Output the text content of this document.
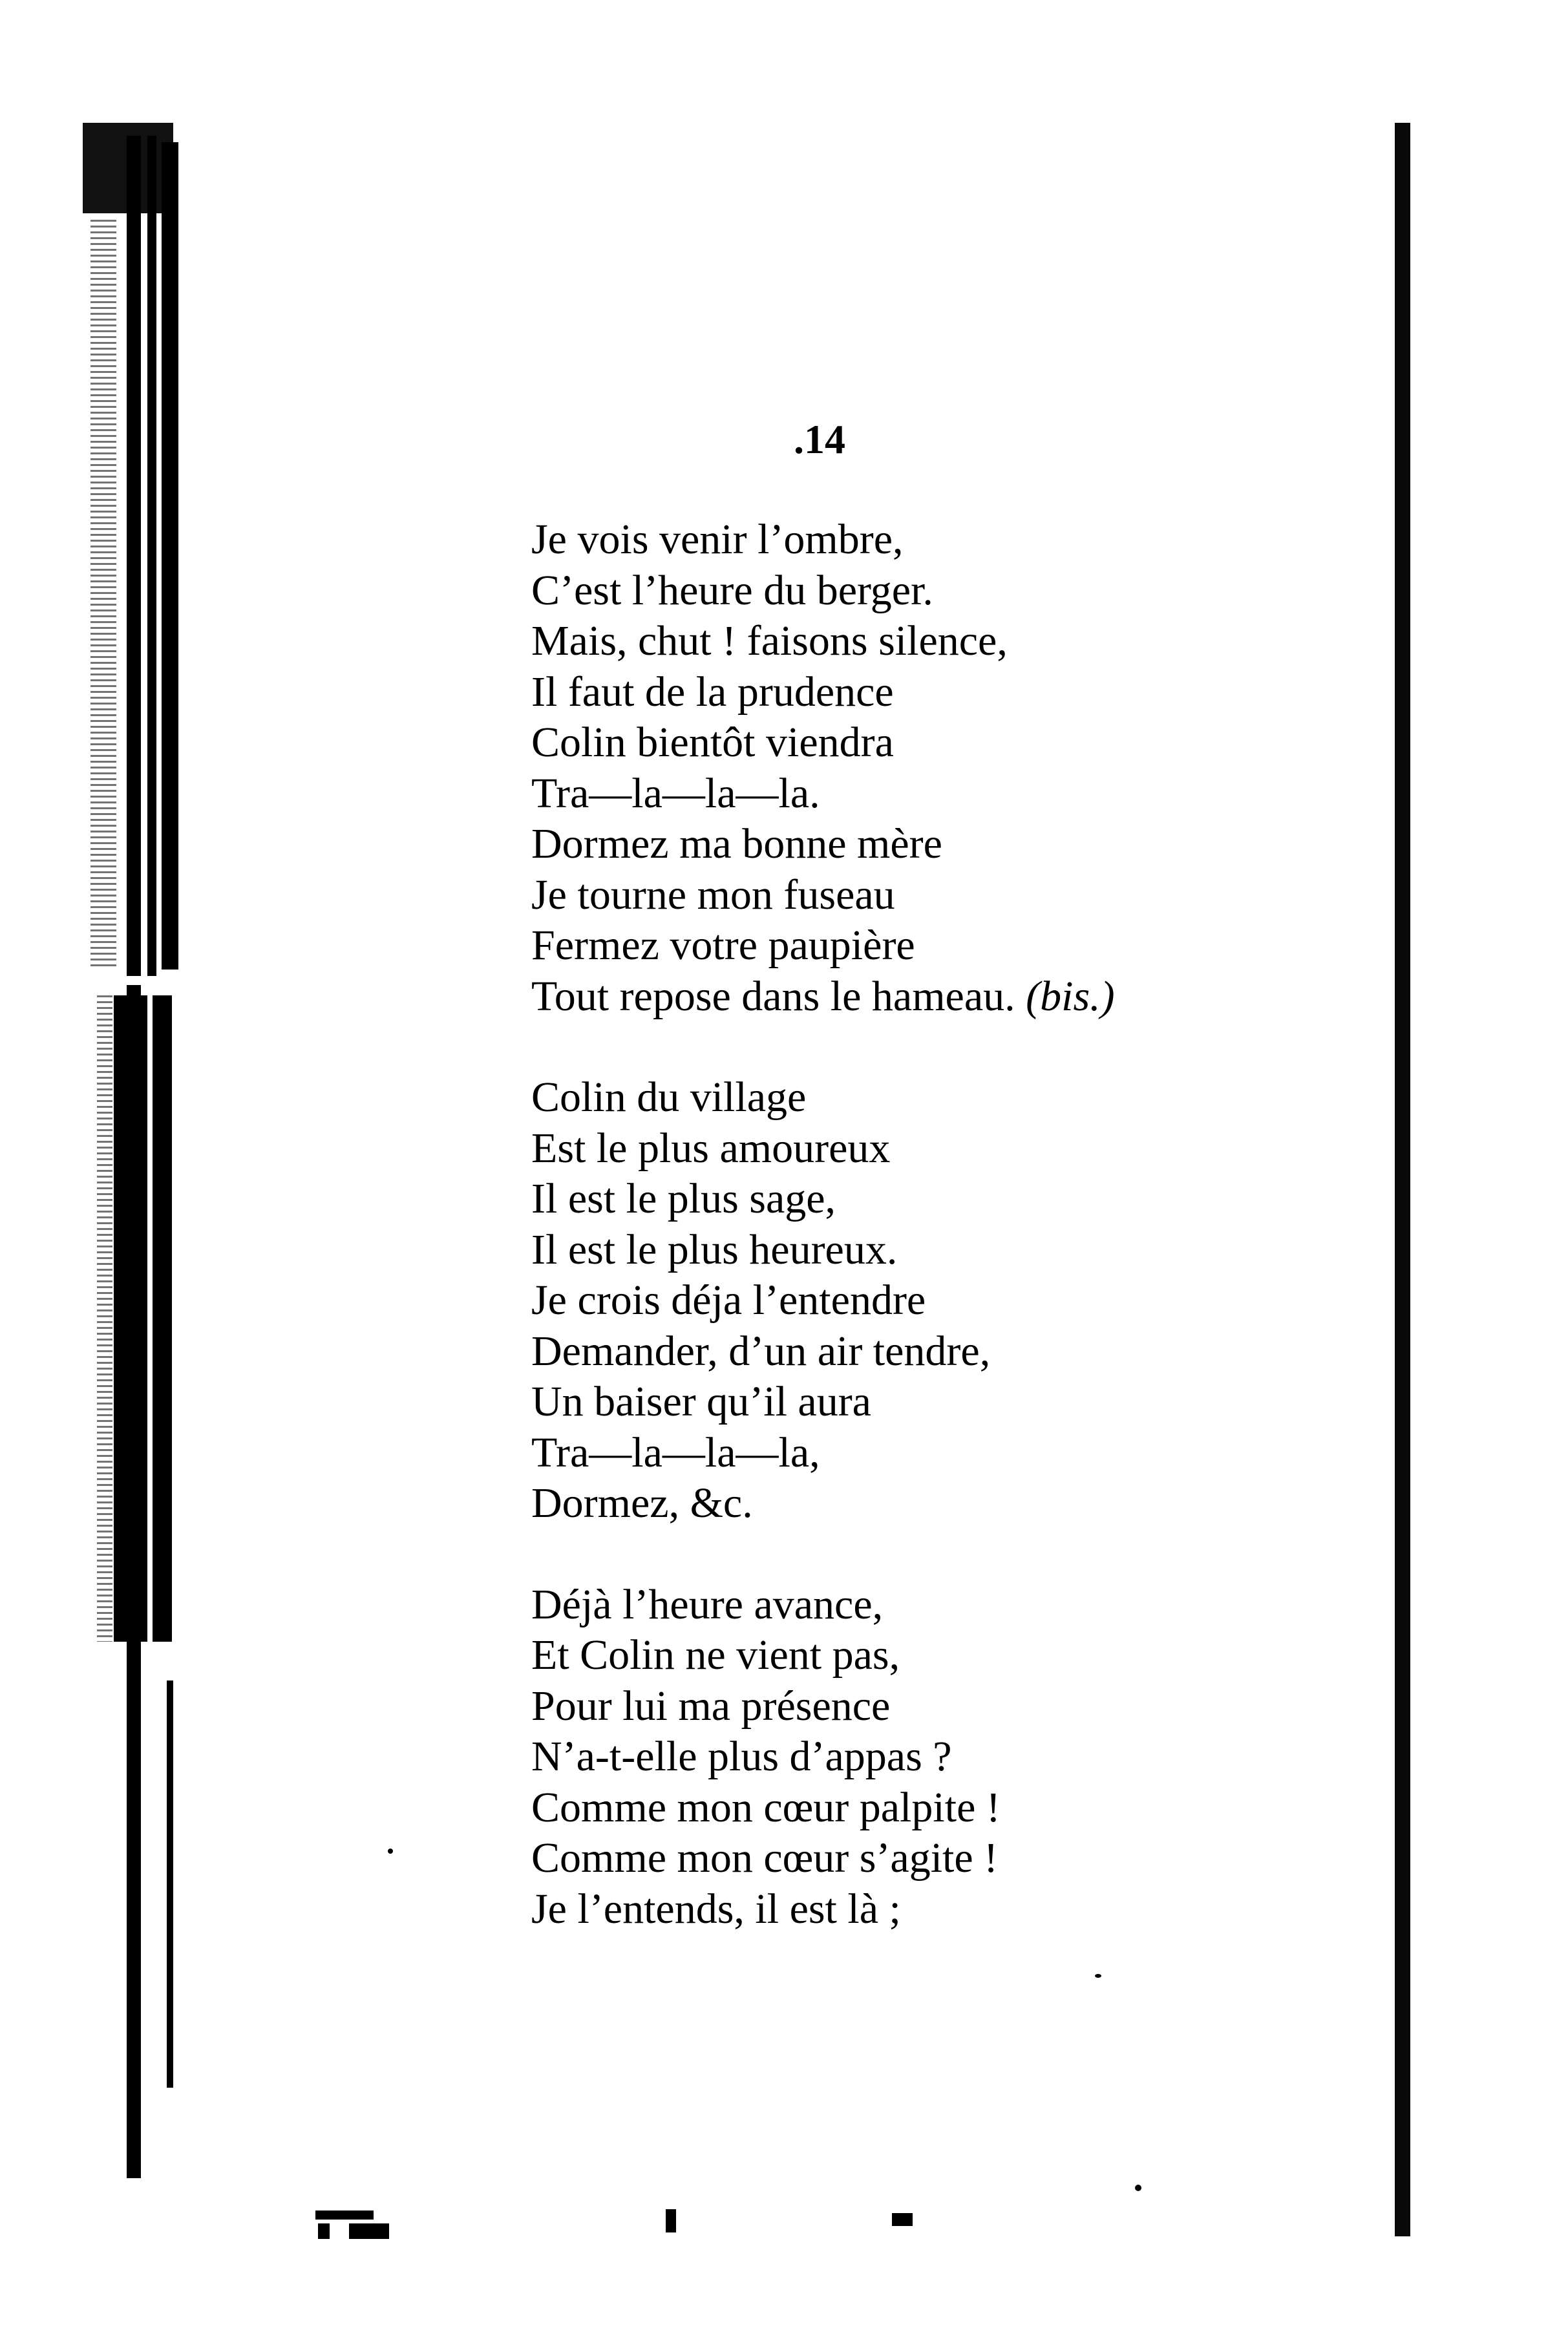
.14

Je vois venir l’ombre,
C’est l’heure du berger.
Mais, chut ! faisons silence,
Il faut de la prudence
Colin bientôt viendra
Tra—la—la—la.
Dormez ma bonne mère
Je tourne mon fuseau
Fermez votre paupière
Tout repose dans le hameau. (bis.)
Colin du village
Est le plus amoureux
Il est le plus sage,
Il est le plus heureux.
Je crois déja l’entendre
Demander, d’un air tendre,
Un baiser qu’il aura
Tra—la—la—la,
Dormez, &c.
Déjà l’heure avance,
Et Colin ne vient pas,
Pour lui ma présence
N’a-t-elle plus d’appas ?
Comme mon cœur palpite !
Comme mon cœur s’agite !
Je l’entends, il est là ;
